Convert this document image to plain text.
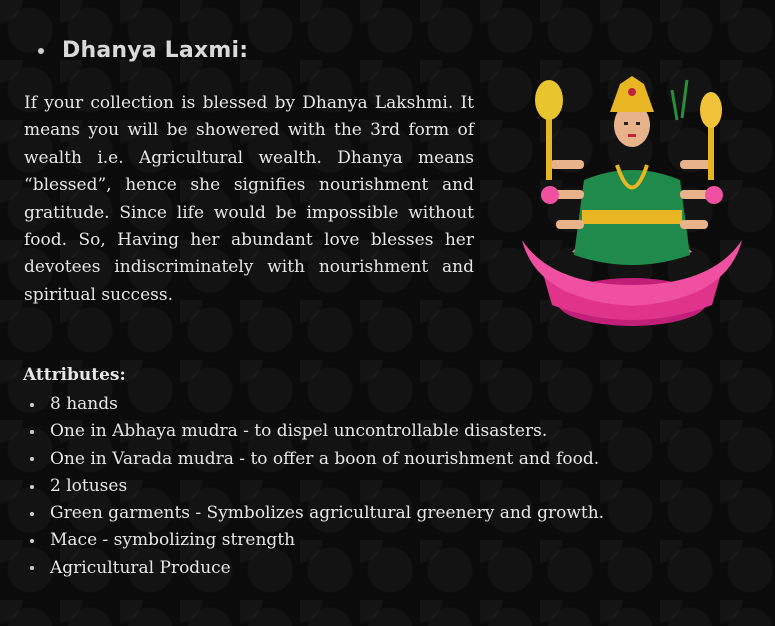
Dhanya Laxmi:

If your collection is blessed by Dhanya Lakshmi. It means you will be showered with the 3rd form of wealth i.e. Agricultural wealth. Dhanya means “blessed”, hence she signifies nourishment and gratitude. Since life would be impossible without food. So, Having her abundant love blesses her devotees indiscriminately with nourishment and spiritual success.

Attributes:
8 hands
One in Abhaya mudra - to dispel uncontrollable disasters.
One in Varada mudra - to offer a boon of nourishment and food.
2 lotuses
Green garments - Symbolizes agricultural greenery and growth.
Mace - symbolizing strength
Agricultural Produce
